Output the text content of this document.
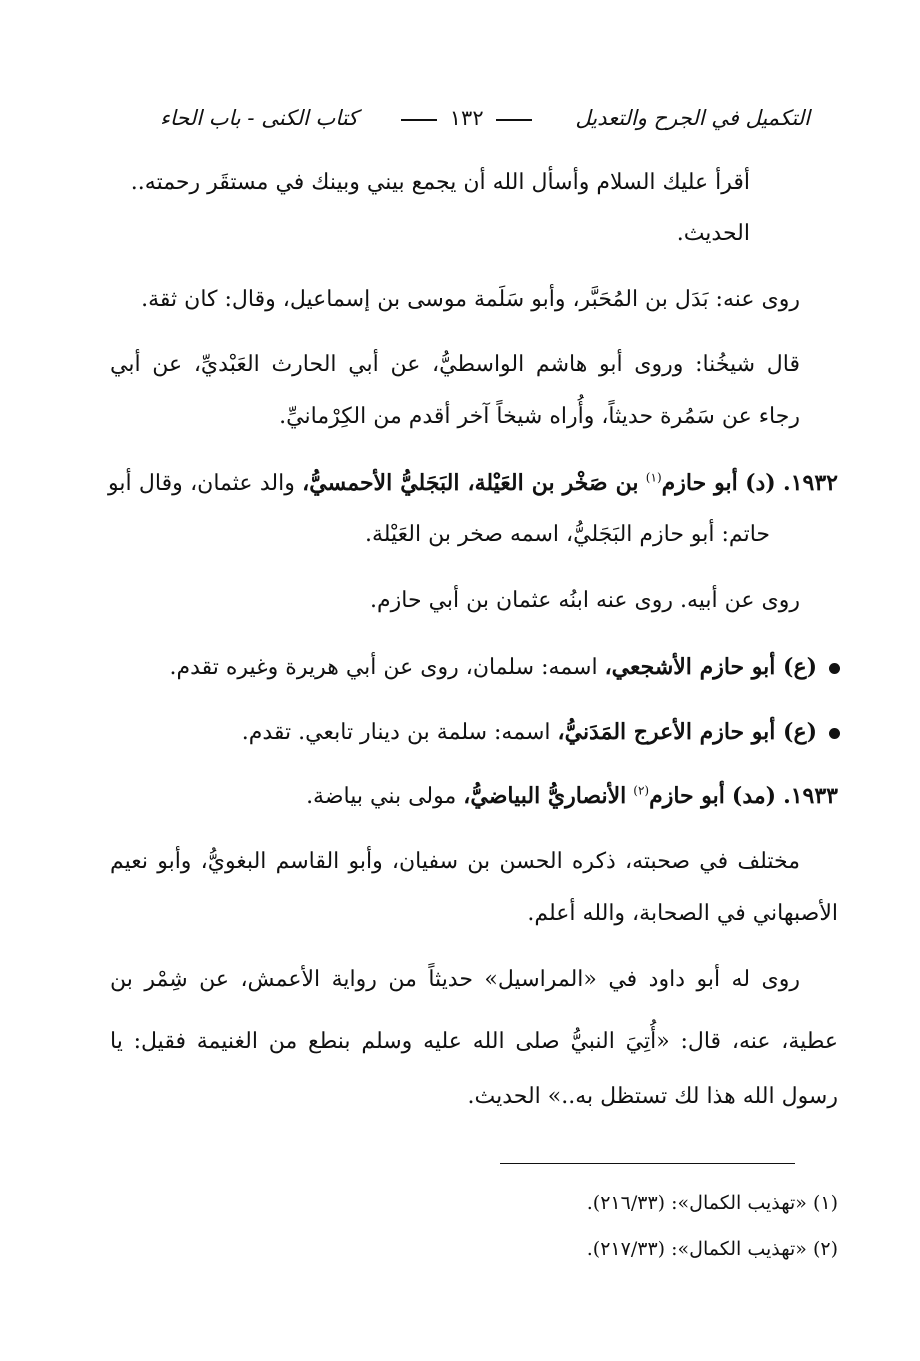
التكميل في الجرح والتعديل
١٣٢
كتاب الكنى - باب الحاء
أقرأ عليك السلام وأسأل الله أن يجمع بيني وبينك في مستقَر رحمته..
الحديث.
روى عنه: بَدَل بن المُحَبَّر، وأبو سَلَمة موسى بن إسماعيل، وقال: كان ثقة.
قال شيخُنا: وروى أبو هاشم الواسطيُّ، عن أبي الحارث العَبْديِّ، عن أبي
رجاء عن سَمُرة حديثاً، وأُراه شيخاً آخر أقدم من الكِرْمانيِّ.
١٩٣٢. (د) أبو حازم$^{(١)}$ بن صَخْر بن العَيْلة، البَجَليُّ الأحمسيُّ، والد عثمان، وقال أبو
حاتم: أبو حازم البَجَليُّ، اسمه صخر بن العَيْلة.
روى عن أبيه. روى عنه ابنُه عثمان بن أبي حازم.
(ع) أبو حازم الأشجعي، اسمه: سلمان، روى عن أبي هريرة وغيره تقدم.
(ع) أبو حازم الأعرج المَدَنيُّ، اسمه: سلمة بن دينار تابعي. تقدم.
١٩٣٣. (مد) أبو حازم$^{(٢)}$ الأنصاريُّ البياضيُّ، مولى بني بياضة.
مختلف في صحبته، ذكره الحسن بن سفيان، وأبو القاسم البغويُّ، وأبو نعيم
الأصبهاني في الصحابة، والله أعلم.
روى له أبو داود في «المراسيل» حديثاً من رواية الأعمش، عن شِمْر بن
عطية، عنه، قال: «أُتِيَ النبيُّ صلى الله عليه وسلم بنطع من الغنيمة فقيل: يا
رسول الله هذا لك تستظل به..» الحديث.
(١) «تهذيب الكمال»: (٢١٦/٣٣).
(٢) «تهذيب الكمال»: (٢١٧/٣٣).
